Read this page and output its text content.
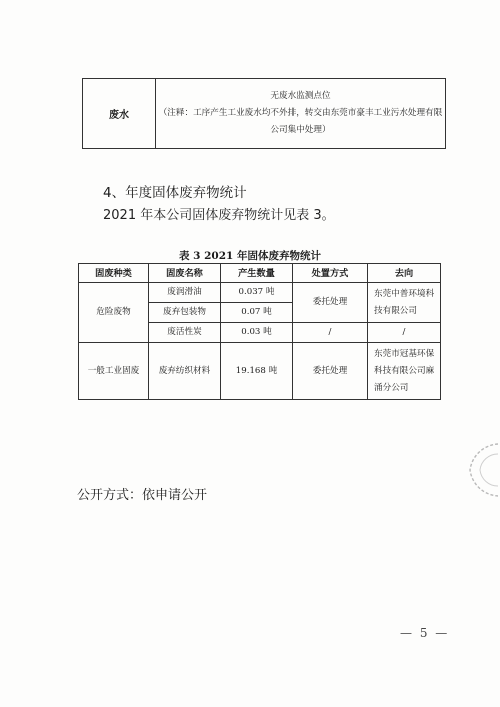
废水	
无废水监测点位
（注释：工序产生工业废水均不外排，转交由东莞市豪丰工业污水处理有限
公司集中处理）
4、年度固体废弃物统计
2021 年本公司固体废弃物统计见表 3。
表 3 2021 年固体废弃物统计
固废种类	固废名称	产生数量	处置方式	去向
危险废物	废润滑油	0.037 吨	委托处理	东莞中普环境科
技有限公司

	废弃包装物	0.07 吨		
	废活性炭	0.03 吨	/	/
一般工业固废	废弃纺织材料	19.168 吨	委托处理	东莞市冠基环保
科技有限公司麻
涌分公司
公开方式：依申请公开
— 5 —
